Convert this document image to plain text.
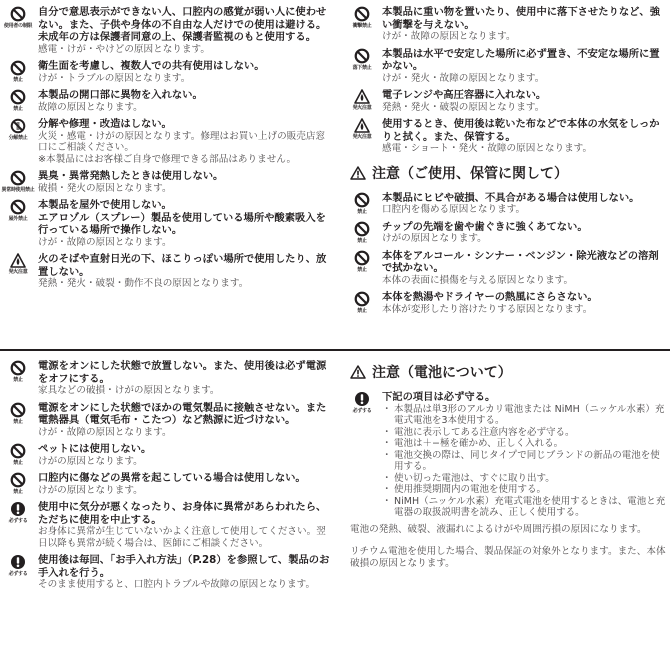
使用者の制限
自分で意思表示ができない人、口腔内の感覚が弱い人に使わせない。また、子供や身体の不自由な人だけでの使用は避ける。未成年の方は保護者同意の上、保護者監視のもと使用する。
感電・けが・やけどの原因となります。
禁止
衛生面を考慮し、複数人での共有使用はしない。
けが・トラブルの原因となります。
禁止
本製品の開口部に異物を入れない。
故障の原因となります。
分解禁止
分解や修理・改造はしない。
火災・感電・けがの原因となります。修理はお買い上げの販売店窓口にご相談ください。
※本製品にはお客様ご自身で修理できる部品はありません。
異常時使用禁止
異臭・異常発熱したときは使用しない。
破損・発火の原因となります。
屋外禁止
本製品を屋外で使用しない。
エアロゾル（スプレー）製品を使用している場所や酸素吸入を行っている場所で操作しない。
けが・故障の原因となります。
発火注意
火のそばや直射日光の下、ほこりっぽい場所で使用したり、放置しない。
発熱・発火・破裂・動作不良の原因となります。
衝撃禁止
本製品に重い物を置いたり、使用中に落下させたりなど、強い衝撃を与えない。
けが・故障の原因となります。
落下禁止
本製品は水平で安定した場所に必ず置き、不安定な場所に置かない。
けが・発火・故障の原因となります。
発火注意
電子レンジや高圧容器に入れない。
発熱・発火・破裂の原因となります。
発火注意
使用するとき、使用後は乾いた布などで本体の水気をしっかりと拭く。また、保管する。
感電・ショート・発火・故障の原因となります。
注意（ご使用、保管に関して）
禁止
本製品にヒビや破損、不具合がある場合は使用しない。
口腔内を傷める原因となります。
禁止
チップの先端を歯や歯ぐきに強くあてない。
けがの原因となります。
禁止
本体をアルコール・シンナー・ベンジン・除光液などの溶剤で拭かない。
本体の表面に損傷を与える原因となります。
禁止
本体を熱湯やドライヤーの熱風にさらさない。
本体が変形したり溶けたりする原因となります。
禁止
電源をオンにした状態で放置しない。また、使用後は必ず電源をオフにする。
家具などの破損・けがの原因となります。
禁止
電源をオンにした状態でほかの電気製品に接触させない。また電熱器具（電気毛布・こたつ）など熱源に近づけない。
けが・故障の原因となります。
禁止
ペットには使用しない。
けがの原因となります。
禁止
口腔内に傷などの異常を起こしている場合は使用しない。
けがの原因となります。
必ずする
使用中に気分が悪くなったり、お身体に異常があらわれたら、ただちに使用を中止する。
お身体に異常が生じていないかよく注意して使用してください。翌日以降も異常が続く場合は、医師にご相談ください。
必ずする
使用後は毎回、「お手入れ方法」（P.28）を参照して、製品のお手入れを行う。
そのまま使用すると、口腔内トラブルや故障の原因となります。
注意（電池について）
必ずする
下記の項目は必ず守る。
・ 本製品は単3形のアルカリ電池または NiMH（ニッケル水素）充電式電池を3本使用する。
・ 電池に表示してある注意内容を必ず守る。
・ 電池は＋−極を確かめ、正しく入れる。
・ 電池交換の際は、同じタイプで同じブランドの新品の電池を使用する。
・ 使い切った電池は、すぐに取り出す。
・ 使用推奨期間内の電池を使用する。
・ NiMH（ニッケル水素）充電式電池を使用するときは、電池と充電器の取扱説明書を読み、正しく使用する。
電池の発熱、破裂、液漏れによるけがや周囲汚損の原因になります。
リチウム電池を使用した場合、製品保証の対象外となります。また、本体破損の原因となります。
